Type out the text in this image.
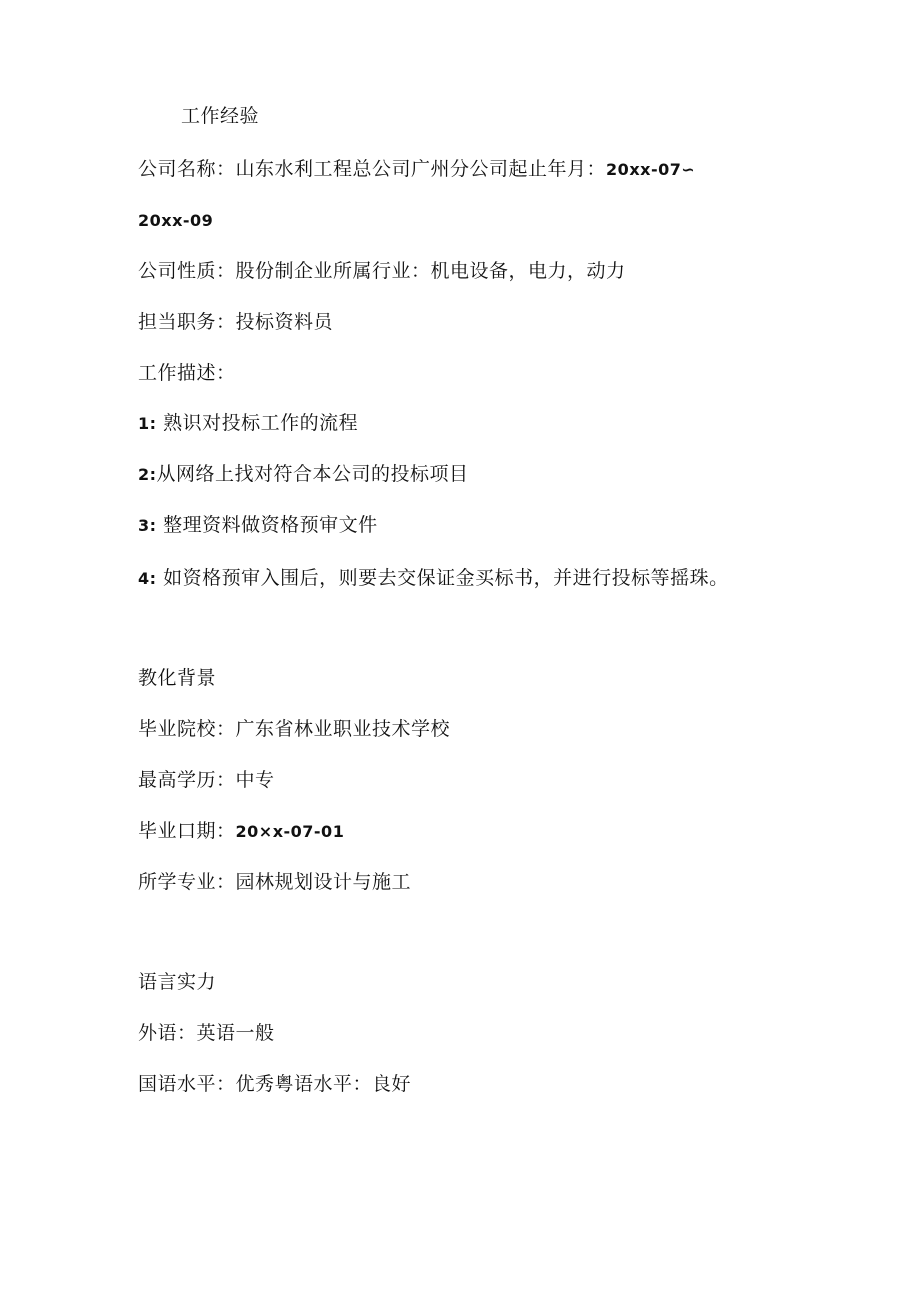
工作经验
公司名称：山东水利工程总公司广州分公司起止年月：20xx-07∽
20xx-09
公司性质：股份制企业所属行业：机电设备，电力，动力
担当职务：投标资料员
工作描述：
1: 熟识对投标工作的流程
2:从网络上找对符合本公司的投标项目
3: 整理资料做资格预审文件
4: 如资格预审入围后，则要去交保证金买标书，并进行投标等摇珠。
教化背景
毕业院校：广东省林业职业技术学校
最高学历：中专
毕业口期：20×x-07-01
所学专业：园林规划设计与施工
语言实力
外语：英语一般
国语水平：优秀粤语水平：良好
